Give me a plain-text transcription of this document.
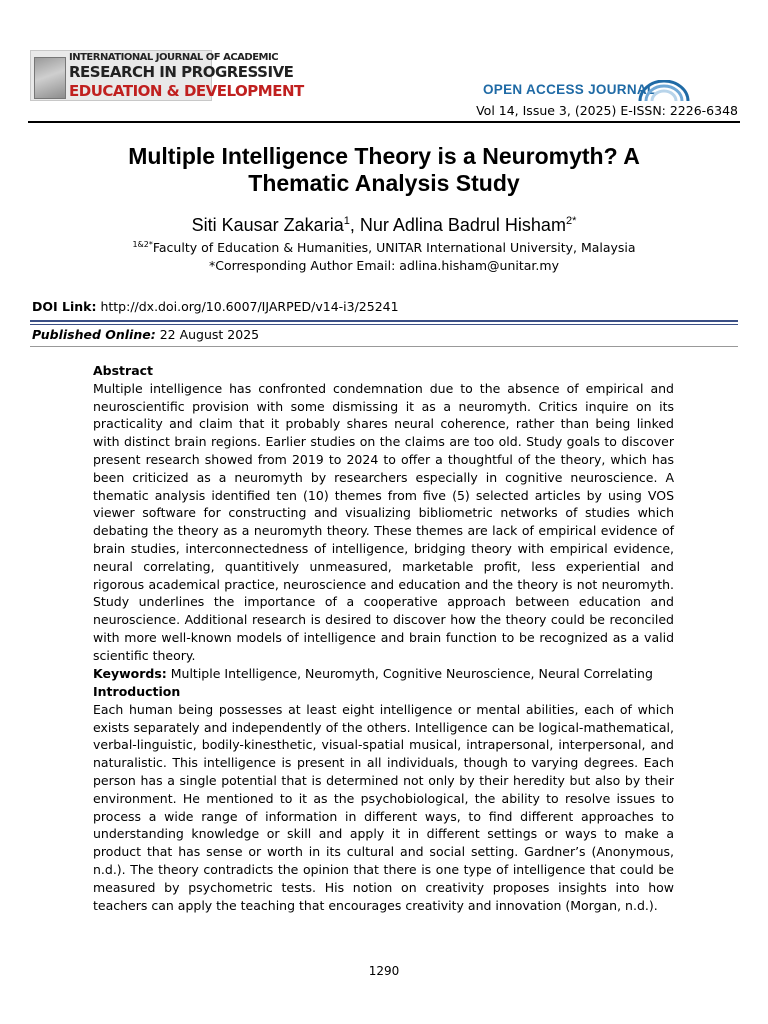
INTERNATIONAL JOURNAL OF ACADEMIC
RESEARCH IN PROGRESSIVE
EDUCATION & DEVELOPMENT	OPEN ACCESS JOURNAL
Vol 14, Issue 3, (2025) E-ISSN: 2226-6348
Multiple Intelligence Theory is a Neuromyth? A
Thematic Analysis Study
Siti Kausar Zakaria$^1$, Nur Adlina Badrul Hisham$^{2*}$
$^{1\&2*}$Faculty of Education & Humanities, UNITAR International University, Malaysia
*Corresponding Author Email: adlina.hisham@unitar.my
DOI Link: http://dx.doi.org/10.6007/IJARPED/v14-i3/25241
Published Online: 22 August 2025
Abstract
Multiple intelligence has confronted condemnation due to the absence of empirical and neuroscientific provision with some dismissing it as a neuromyth. Critics inquire on its practicality and claim that it probably shares neural coherence, rather than being linked with distinct brain regions. Earlier studies on the claims are too old. Study goals to discover present research showed from 2019 to 2024 to offer a thoughtful of the theory, which has been criticized as a neuromyth by researchers especially in cognitive neuroscience. A thematic analysis identified ten (10) themes from five (5) selected articles by using VOS viewer software for constructing and visualizing bibliometric networks of studies which debating the theory as a neuromyth theory. These themes are lack of empirical evidence of brain studies, interconnectedness of intelligence, bridging theory with empirical evidence, neural correlating, quantitively unmeasured, marketable profit, less experiential and rigorous academical practice, neuroscience and education and the theory is not neuromyth. Study underlines the importance of a cooperative approach between education and neuroscience. Additional research is desired to discover how the theory could be reconciled with more well-known models of intelligence and brain function to be recognized as a valid scientific theory.
Keywords: Multiple Intelligence, Neuromyth, Cognitive Neuroscience, Neural Correlating
Introduction
Each human being possesses at least eight intelligence or mental abilities, each of which exists separately and independently of the others. Intelligence can be logical-mathematical, verbal-linguistic, bodily-kinesthetic, visual-spatial musical, intrapersonal, interpersonal, and naturalistic. This intelligence is present in all individuals, though to varying degrees. Each person has a single potential that is determined not only by their heredity but also by their environment. He mentioned to it as the psychobiological, the ability to resolve issues to process a wide range of information in different ways, to find different approaches to understanding knowledge or skill and apply it in different settings or ways to make a product that has sense or worth in its cultural and social setting. Gardner’s (Anonymous, n.d.). The theory contradicts the opinion that there is one type of intelligence that could be measured by psychometric tests. His notion on creativity proposes insights into how teachers can apply the teaching that encourages creativity and innovation (Morgan, n.d.).
1290
